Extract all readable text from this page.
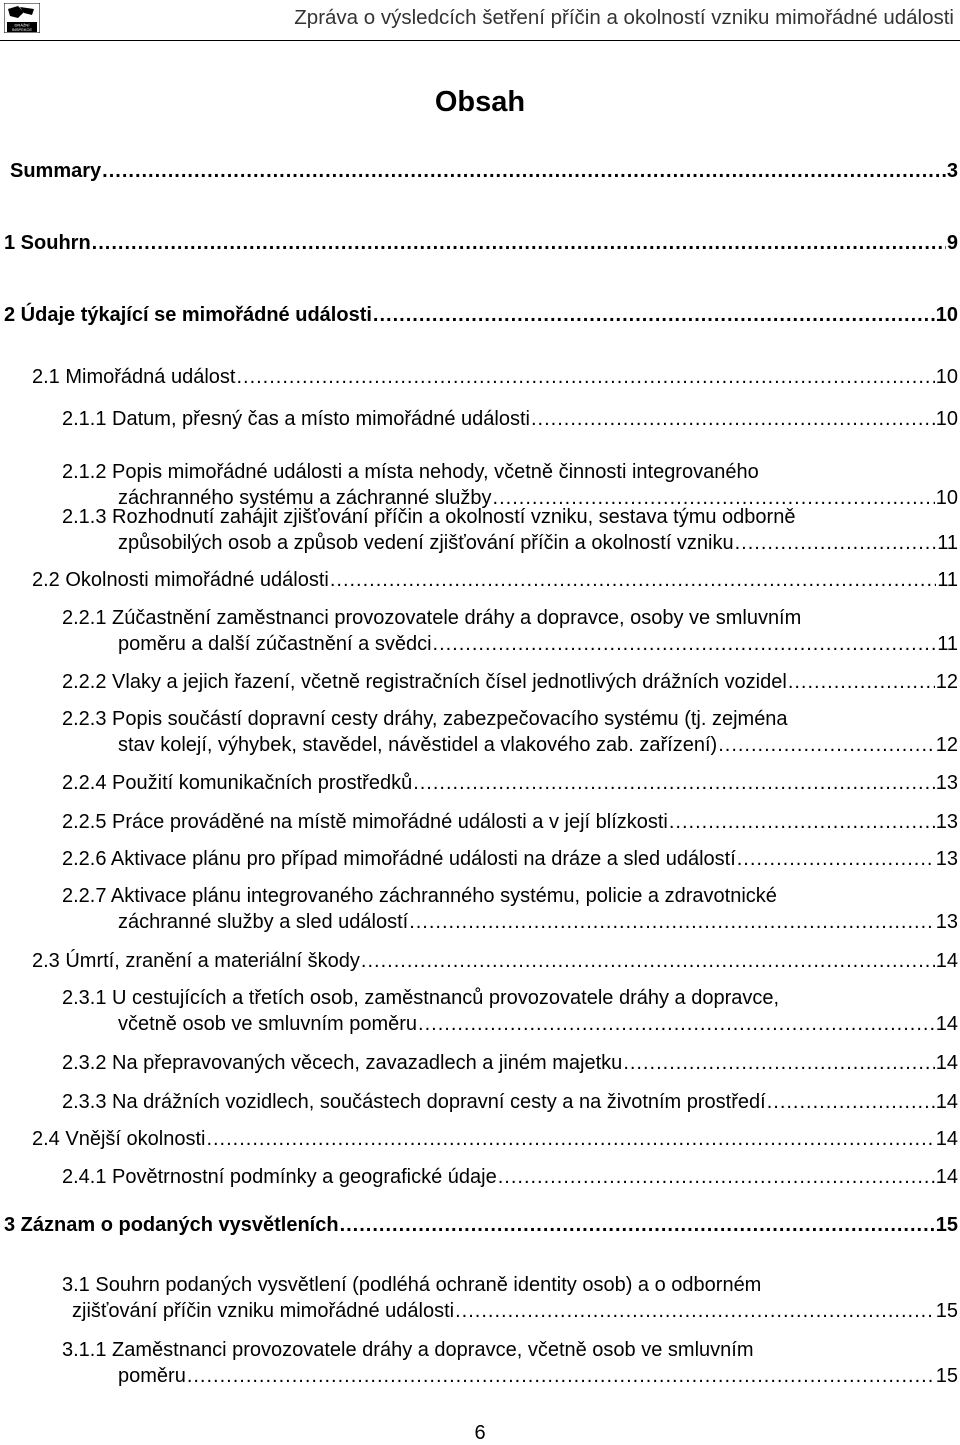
DRÁŽNÍ
INSPEKCE
Zpráva o výsledcích šetření příčin a okolností vzniku mimořádné události
Obsah
Summary .....	3
1 Souhrn .....	9
2 Údaje týkající se mimořádné události .....	10
2.1 Mimořádná událost .....	10
2.1.1 Datum, přesný čas a místo mimořádné události .....	10
2.1.2 Popis mimořádné události a místa nehody, včetně činnosti integrovaného
záchranného systému a záchranné služby .....	10
2.1.3 Rozhodnutí zahájit zjišťování příčin a okolností vzniku, sestava týmu odborně
způsobilých osob a způsob vedení zjišťování příčin a okolností vzniku .....	11
2.2 Okolnosti mimořádné události .....	11
2.2.1 Zúčastnění zaměstnanci provozovatele dráhy a dopravce, osoby ve smluvním
poměru a další zúčastnění a svědci .....	11
2.2.2 Vlaky a jejich řazení, včetně registračních čísel jednotlivých drážních vozidel .....	12
2.2.3 Popis součástí dopravní cesty dráhy, zabezpečovacího systému (tj. zejména
stav kolejí, výhybek, stavědel, návěstidel a vlakového zab. zařízení) .....	12
2.2.4 Použití komunikačních prostředků .....	13
2.2.5 Práce prováděné na místě mimořádné události a v její blízkosti .....	13
2.2.6 Aktivace plánu pro případ mimořádné události na dráze a sled událostí .....	13
2.2.7 Aktivace plánu integrovaného záchranného systému, policie a zdravotnické
záchranné služby a sled událostí .....	13
2.3 Úmrtí, zranění a materiální škody .....	14
2.3.1 U cestujících a třetích osob, zaměstnanců provozovatele dráhy a dopravce,
včetně osob ve smluvním poměru .....	14
2.3.2 Na přepravovaných věcech, zavazadlech a jiném majetku .....	14
2.3.3 Na drážních vozidlech, součástech dopravní cesty a na životním prostředí .....	14
2.4 Vnější okolnosti .....	14
2.4.1 Povětrnostní podmínky a geografické údaje .....	14
3 Záznam o podaných vysvětleních .....	15
3.1 Souhrn podaných vysvětlení (podléhá ochraně identity osob) a o odborném
zjišťování příčin vzniku mimořádné události .....	15
3.1.1 Zaměstnanci provozovatele dráhy a dopravce, včetně osob ve smluvním
poměru .....	15
6
